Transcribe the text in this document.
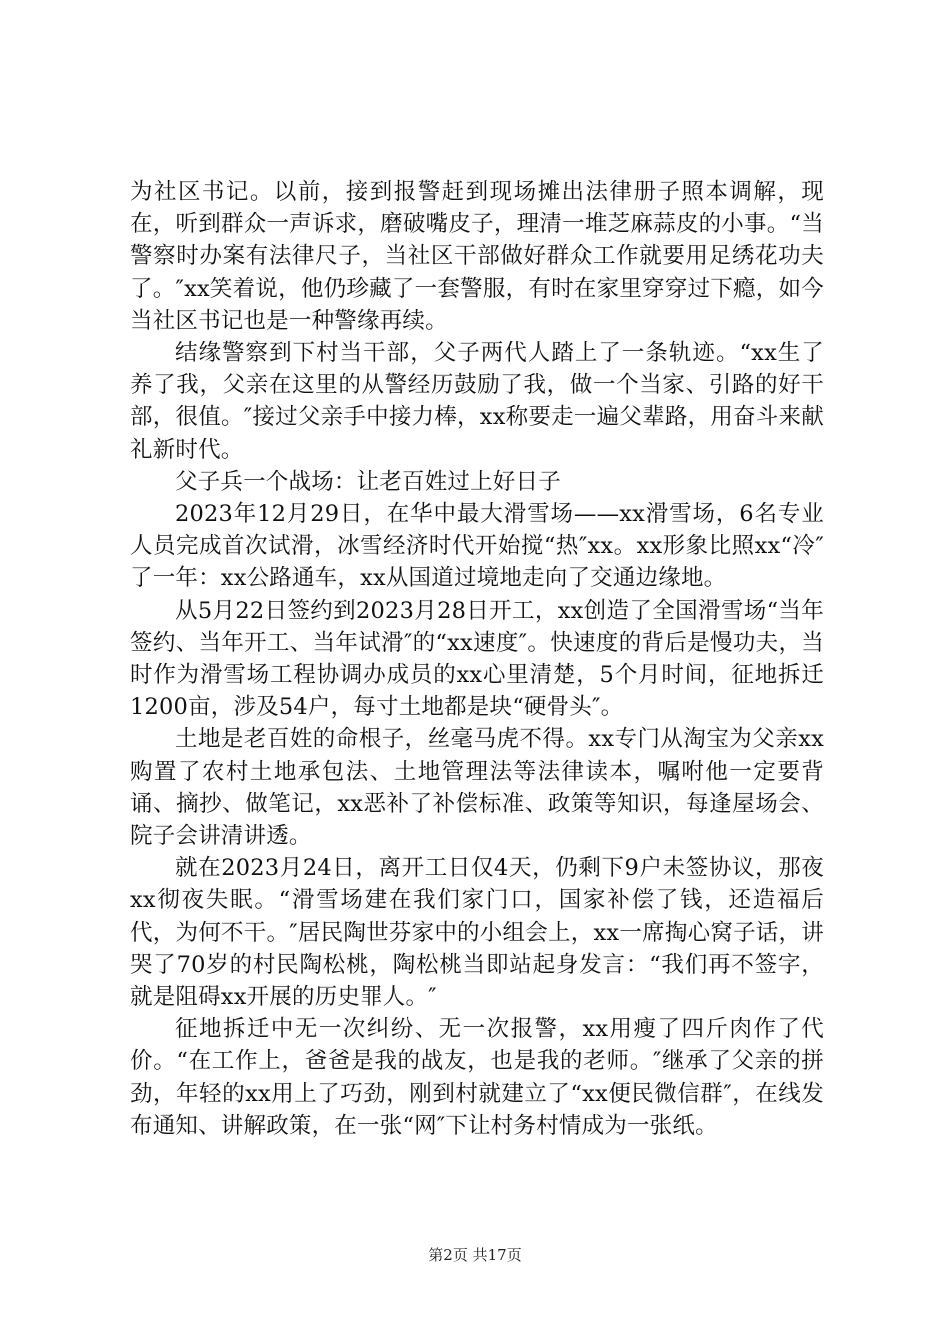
为社区书记。以前，接到报警赶到现场摊出法律册子照本调解，现在，听到群众一声诉求，磨破嘴皮子，理清一堆芝麻蒜皮的小事。“当警察时办案有法律尺子，当社区干部做好群众工作就要用足绣花功夫了。″xx笑着说，他仍珍藏了一套警服，有时在家里穿穿过下瘾，如今当社区书记也是一种警缘再续。

结缘警察到下村当干部，父子两代人踏上了一条轨迹。“xx生了养了我，父亲在这里的从警经历鼓励了我，做一个当家、引路的好干部，很值。″接过父亲手中接力棒，xx称要走一遍父辈路，用奋斗来献礼新时代。

父子兵一个战场：让老百姓过上好日子

2023年12月29日，在华中最大滑雪场——xx滑雪场，6名专业人员完成首次试滑，冰雪经济时代开始搅“热″xx。xx形象比照xx“冷″了一年：xx公路通车，xx从国道过境地走向了交通边缘地。

从5月22日签约到2023月28日开工，xx创造了全国滑雪场“当年签约、当年开工、当年试滑″的“xx速度″。快速度的背后是慢功夫，当时作为滑雪场工程协调办成员的xx心里清楚，5个月时间，征地拆迁1200亩，涉及54户，每寸土地都是块“硬骨头″。

土地是老百姓的命根子，丝毫马虎不得。xx专门从淘宝为父亲xx购置了农村土地承包法、土地管理法等法律读本，嘱咐他一定要背诵、摘抄、做笔记，xx恶补了补偿标准、政策等知识，每逢屋场会、院子会讲清讲透。

就在2023月24日，离开工日仅4天，仍剩下9户未签协议，那夜xx彻夜失眠。“滑雪场建在我们家门口，国家补偿了钱，还造福后代，为何不干。″居民陶世芬家中的小组会上，xx一席掏心窝子话，讲哭了70岁的村民陶松桃，陶松桃当即站起身发言：“我们再不签字，就是阻碍xx开展的历史罪人。″

征地拆迁中无一次纠纷、无一次报警，xx用瘦了四斤肉作了代价。“在工作上，爸爸是我的战友，也是我的老师。″继承了父亲的拼劲，年轻的xx用上了巧劲，刚到村就建立了“xx便民微信群″，在线发布通知、讲解政策，在一张“网″下让村务村情成为一张纸。

第2页 共17页
